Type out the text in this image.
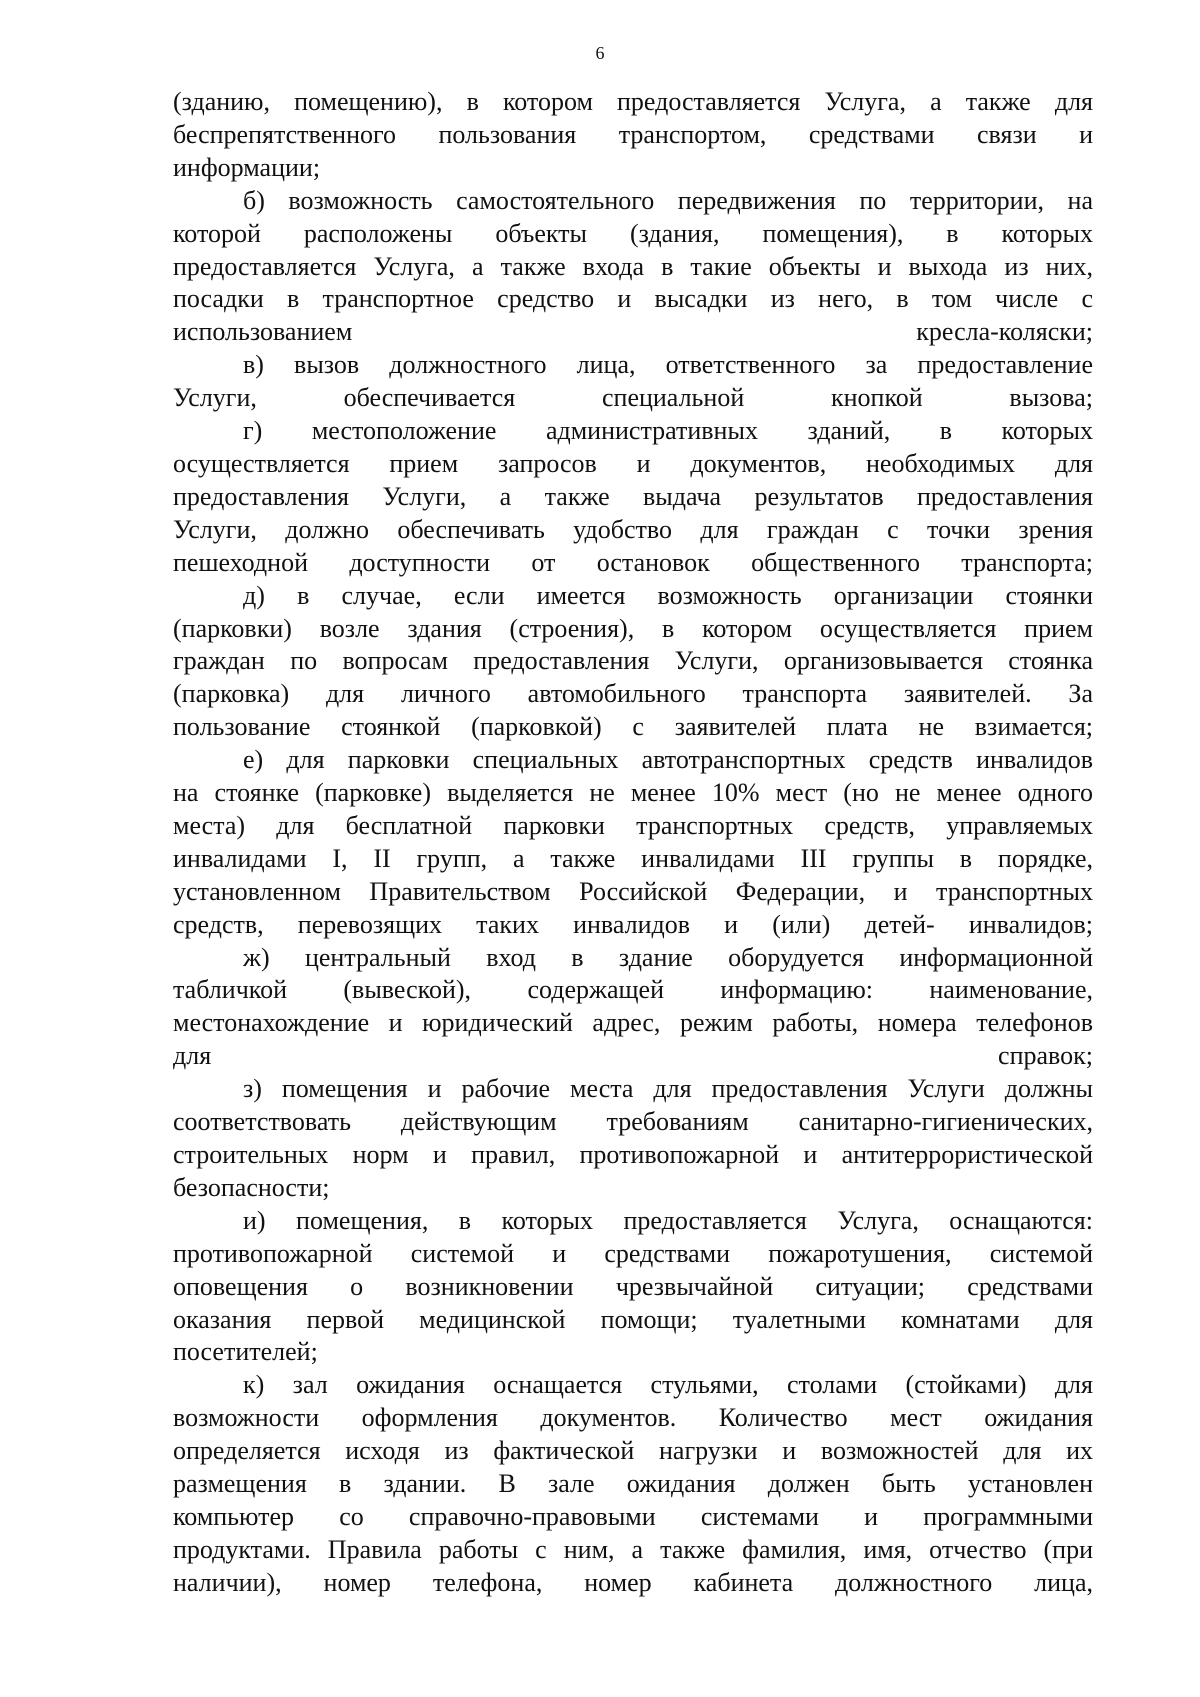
6

(зданию, помещению), в котором предоставляется Услуга, а также для
беспрепятственного пользования транспортом, средствами связи и
информации;

б) возможность самостоятельного передвижения по территории, на
которой расположены объекты (здания, помещения), в которых
предоставляется Услуга, а также входа в такие объекты и выхода из них,
посадки в транспортное средство и высадки из него, в том числе с
использованием кресла-коляски;

в) вызов должностного лица, ответственного за предоставление
Услуги, обеспечивается специальной кнопкой вызова;

г) местоположение административных зданий, в которых
осуществляется прием запросов и документов, необходимых для
предоставления Услуги, а также выдача результатов предоставления
Услуги, должно обеспечивать удобство для граждан с точки зрения
пешеходной доступности от остановок общественного транспорта;

д) в случае, если имеется возможность организации стоянки
(парковки) возле здания (строения), в котором осуществляется прием
граждан по вопросам предоставления Услуги, организовывается стоянка
(парковка) для личного автомобильного транспорта заявителей. За
пользование стоянкой (парковкой) с заявителей плата не взимается;

е) для парковки специальных автотранспортных средств инвалидов
на стоянке (парковке) выделяется не менее 10% мест (но не менее одного
места) для бесплатной парковки транспортных средств, управляемых
инвалидами I, II групп, а также инвалидами III группы в порядке,
установленном Правительством Российской Федерации, и транспортных
средств, перевозящих таких инвалидов и (или) детей- инвалидов;

ж) центральный вход в здание оборудуется информационной
табличкой (вывеской), содержащей информацию: наименование,
местонахождение и юридический адрес, режим работы, номера телефонов
для справок;

з) помещения и рабочие места для предоставления Услуги должны
соответствовать действующим требованиям санитарно-гигиенических,
строительных норм и правил, противопожарной и антитеррористической
безопасности;

и) помещения, в которых предоставляется Услуга, оснащаются:
противопожарной системой и средствами пожаротушения, системой
оповещения о возникновении чрезвычайной ситуации; средствами
оказания первой медицинской помощи; туалетными комнатами для
посетителей;

к) зал ожидания оснащается стульями, столами (стойками) для
возможности оформления документов. Количество мест ожидания
определяется исходя из фактической нагрузки и возможностей для их
размещения в здании. В зале ожидания должен быть установлен
компьютер со справочно-правовыми системами и программными
продуктами. Правила работы с ним, а также фамилия, имя, отчество (при
наличии), номер телефона, номер кабинета должностного лица,
